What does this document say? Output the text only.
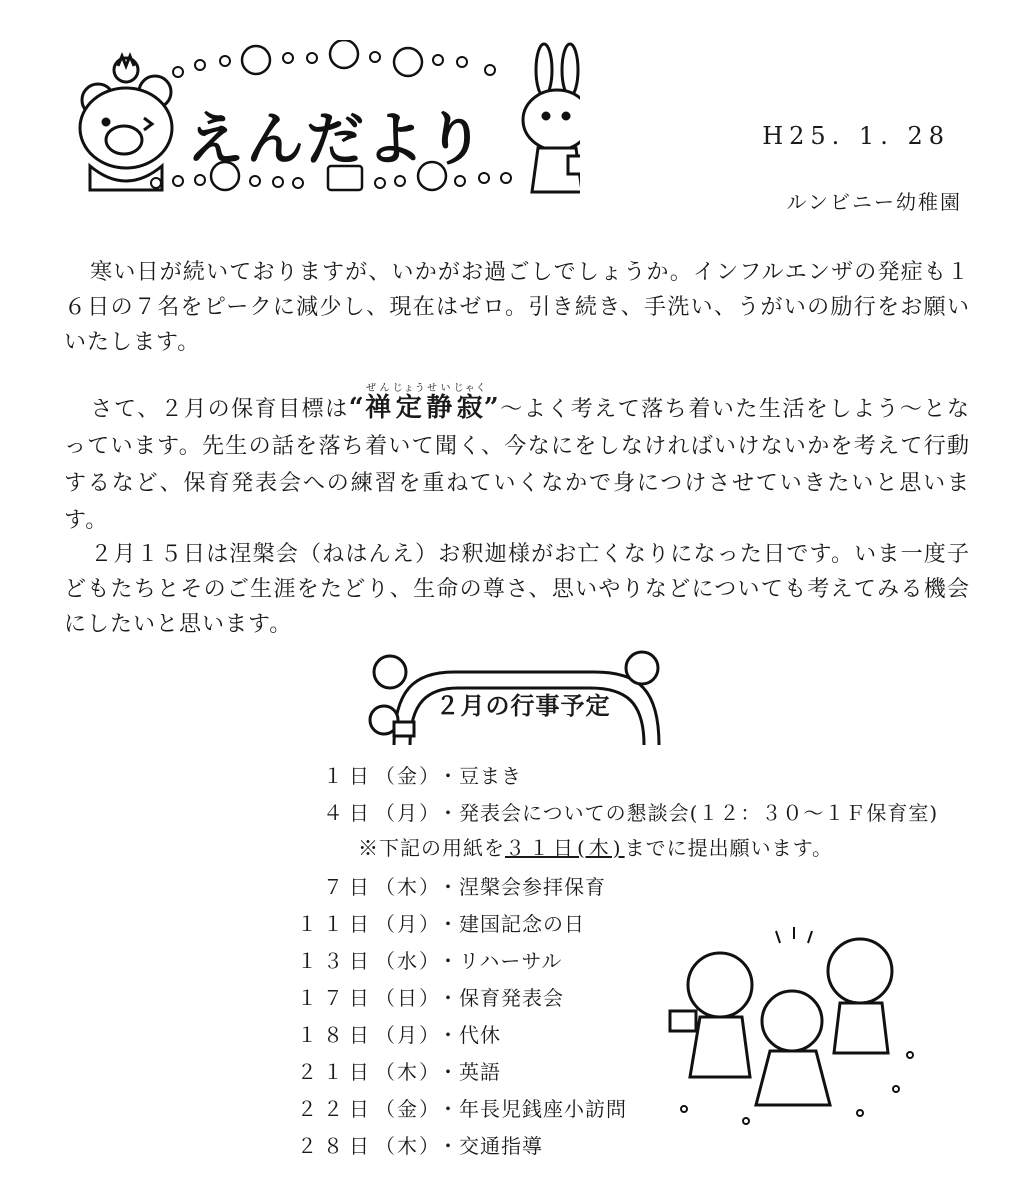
えんだより	H25. 1. 28
ルンビニー幼稚園

寒い日が続いておりますが、いかがお過ごしでしょうか。インフルエンザの発症も１６日の７名をピークに減少し、現在はゼロ。引き続き、手洗い、うがいの励行をお願いいたします。

さて、２月の保育目標は“禅ぜん定じょう静せい寂じゃく”～よく考えて落ち着いた生活をしよう～となっています。先生の話を落ち着いて聞く、今なにをしなければいけないかを考えて行動するなど、保育発表会への練習を重ねていくなかで身につけさせていきたいと思います。

２月１５日は涅槃会（ねはんえ）お釈迦様がお亡くなりになった日です。いま一度子どもたちとそのご生涯をたどり、生命の尊さ、思いやりなどについても考えてみる機会にしたいと思います。

２月の行事予定
１日 （金）
・豆まき
４日 （月）
・発表会についての懇談会(１２：３０～１Ｆ保育室)
７日 （木）
・涅槃会参拝保育
１１日 （月）
・建国記念の日
１３日 （水）
・リハーサル
１７日 （日）
・保育発表会
１８日 （月）
・代休
２１日 （木）
・英語
２２日 （金）
・年長児銭座小訪問
２８日 （木）
・交通指導
※下記の用紙を３１日(木)までに提出願います。
